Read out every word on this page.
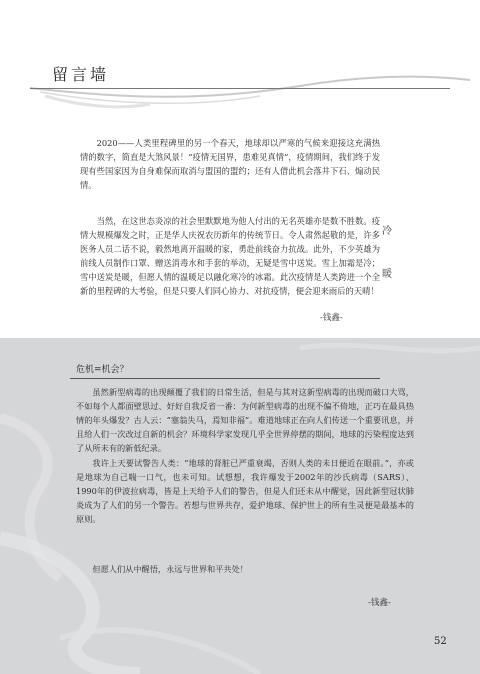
留言墙

2020——人类里程碑里的另一个春天，地球却以严寒的气候来迎接这充满热情的数字，简直是大煞风景！“疫情无国界，患难见真情”，疫情期间，我们终于发现有些国家因为自身难保而取消与盟国的盟约；还有人借此机会落井下石、煽动民情。

当然，在这世态炎凉的社会里默默地为他人付出的无名英雄亦是数不胜数。疫情大规模爆发之时，正是华人庆祝农历新年的传统节日。令人肃然起敬的是，许多医务人员二话不说，毅然地离开温暖的家，勇赴前线奋力抗战。此外，不少英雄为前线人员制作口罩、赠送消毒水和手套的举动，无疑是雪中送炭。雪上加霜是冷；雪中送炭是暖，但愿人情的温暖足以融化寒冷的冰霜。此次疫情是人类跨进一个全新的里程碑的大考验，但是只要人们同心协力、对抗疫情，便会迎来雨后的天晴！

冷
暖
-钱鑫-
危机=机会？

虽然新型病毒的出现颠覆了我们的日常生活，但是与其对这新型病毒的出现而破口大骂，不如每个人都面壁思过、好好自我反省一番：为何新型病毒的出现不偏不倚地，正巧在最具热情的年头爆发？古人云：“塞翁失马，焉知非福”。难道地球正在向人们传送一个重要讯息，并且给人们一次改过自新的机会？环境科学家发现几乎全世界停摆的期间，地球的污染程度达到了从所未有的新低纪录。

我许上天要试警告人类：“地球的肾脏已严重衰竭，否则人类的未日便近在眼前。”，亦或是地球为自己喘一口气，也未可知。试想想，我许爆发于2002年的沙氏病毒（SARS）、1990年的伊波拉病毒，皆是上天给予人们的警告，但是人们还未从中醒觉，因此新型冠状肺炎成为了人们的另一个警告。若想与世界共存，爱护地球、保护世上的所有生灵便是最基本的原则。

但愿人们从中醒悟，永远与世界和平共处！

-钱鑫-
52
